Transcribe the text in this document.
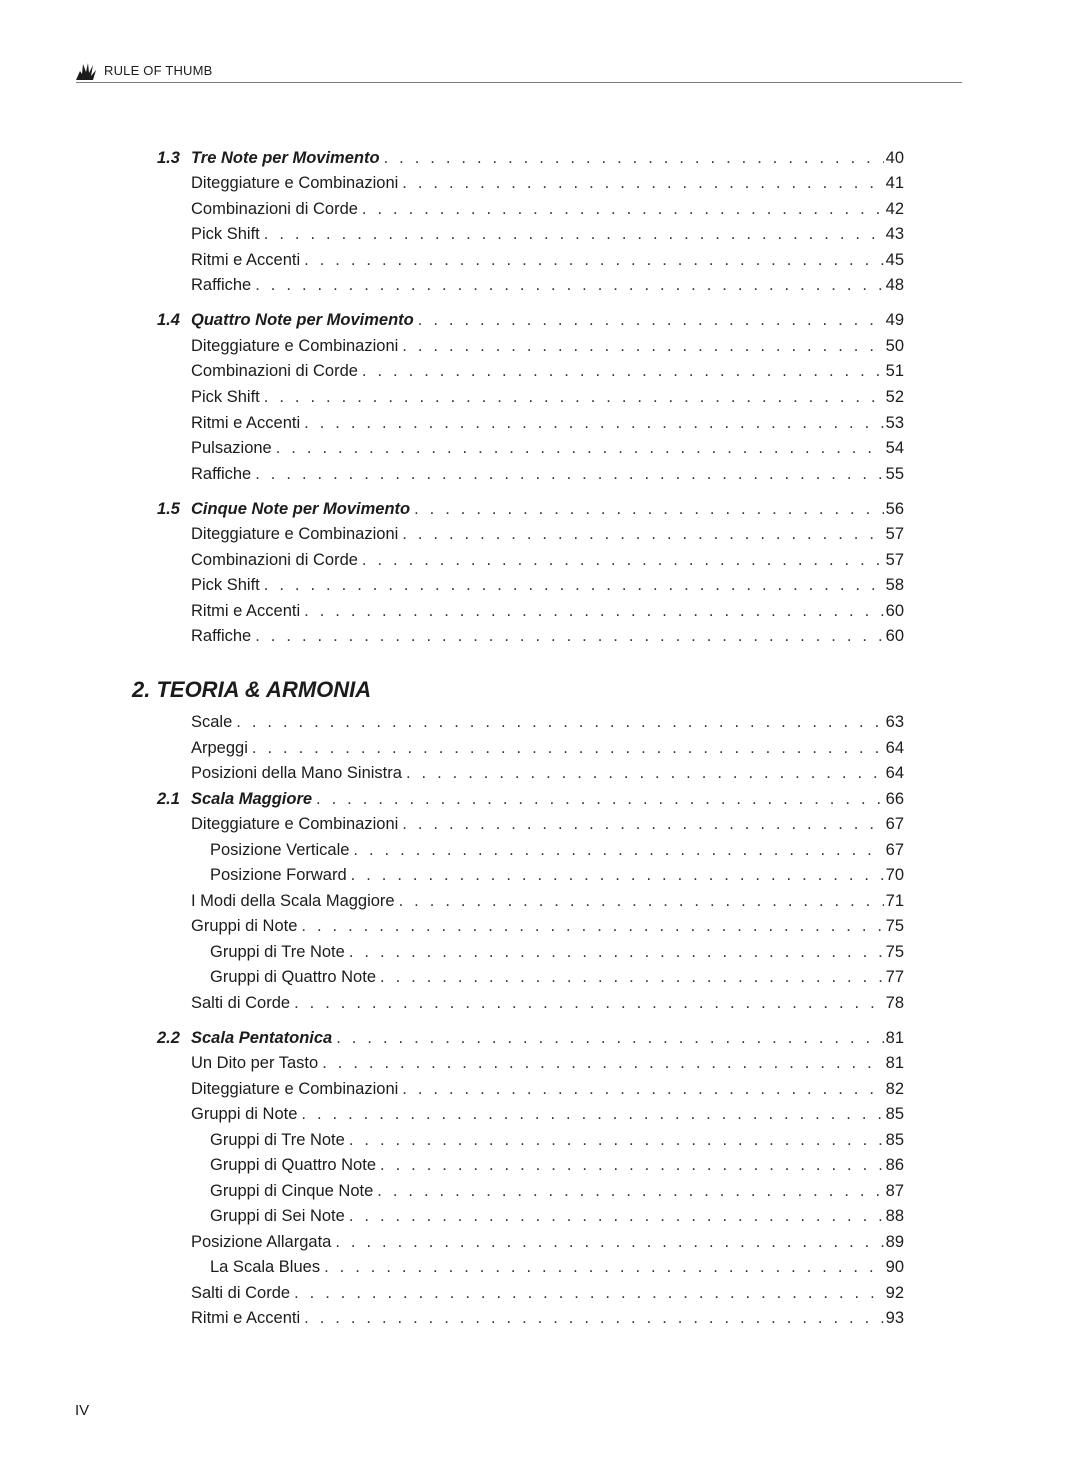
RULE OF THUMB
1.3 Tre Note per Movimento . . .	40
Diteggiature e Combinazioni . . .	41
Combinazioni di Corde . . .	42
Pick Shift . . .	43
Ritmi e Accenti . . .	45
Raffiche . . .	48
1.4 Quattro Note per Movimento . . .	49
Diteggiature e Combinazioni . . .	50
Combinazioni di Corde . . .	51
Pick Shift . . .	52
Ritmi e Accenti . . .	53
Pulsazione . . .	54
Raffiche . . .	55
1.5 Cinque Note per Movimento . . .	56
Diteggiature e Combinazioni . . .	57
Combinazioni di Corde . . .	57
Pick Shift . . .	58
Ritmi e Accenti . . .	60
Raffiche . . .	60
Scale . . .	63
Arpeggi . . .	64
Posizioni della Mano Sinistra . . .	64
2.1 Scala Maggiore . . .	66
Diteggiature e Combinazioni . . .	67
Posizione Verticale . . .	67
Posizione Forward . . .	70
I Modi della Scala Maggiore . . .	71
Gruppi di Note . . .	75
Gruppi di Tre Note . . .	75
Gruppi di Quattro Note . . .	77
Salti di Corde . . .	78
2.2 Scala Pentatonica . . .	81
Un Dito per Tasto . . .	81
Diteggiature e Combinazioni . . .	82
Gruppi di Note . . .	85
Gruppi di Tre Note . . .	85
Gruppi di Quattro Note . . .	86
Gruppi di Cinque Note . . .	87
Gruppi di Sei Note . . .	88
Posizione Allargata . . .	89
La Scala Blues . . .	90
Salti di Corde . . .	92
Ritmi e Accenti . . .	93
2. TEORIA & ARMONIA
IV
